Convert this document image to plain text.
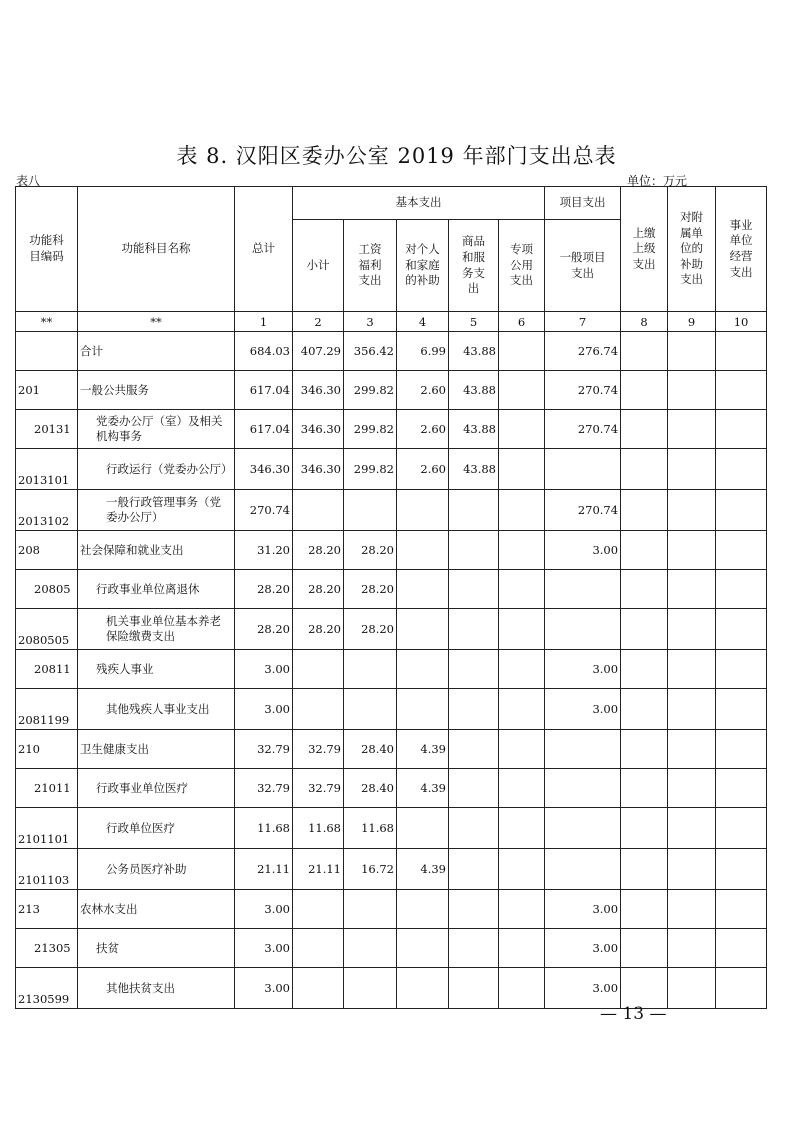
表 8. 汉阳区委办公室 2019 年部门支出总表
表八	单位：万元
功能科目编码	功能科目名称	总计	基本支出					项目支出	上缴上级支出	对附属单位的补助支出	事业单位经营支出
			小计	工资福利支出	对个人和家庭的补助	商品和服务支出	专项公用支出	一般项目支出			
**	**	1	2	3	4	5	6	7	8	9	10
	合计	684.03	407.29	356.42	6.99	43.88		276.74			
201	一般公共服务	617.04	346.30	299.82	2.60	43.88		270.74			
20131	党委办公厅（室）及相关机构事务	617.04	346.30	299.82	2.60	43.88		270.74			
2013101	行政运行（党委办公厅）	346.30	346.30	299.82	2.60	43.88					
2013102	一般行政管理事务（党委办公厅）	270.74						270.74			
208	社会保障和就业支出	31.20	28.20	28.20				3.00			
20805	行政事业单位离退休	28.20	28.20	28.20							
2080505	机关事业单位基本养老保险缴费支出	28.20	28.20	28.20							
20811	残疾人事业	3.00						3.00			
2081199	其他残疾人事业支出	3.00						3.00			
210	卫生健康支出	32.79	32.79	28.40	4.39						
21011	行政事业单位医疗	32.79	32.79	28.40	4.39						
2101101	行政单位医疗	11.68	11.68	11.68							
2101103	公务员医疗补助	21.11	21.11	16.72	4.39						
213	农林水支出	3.00						3.00			
21305	扶贫	3.00						3.00			
2130599	其他扶贫支出	3.00						3.00			
— 13 —
